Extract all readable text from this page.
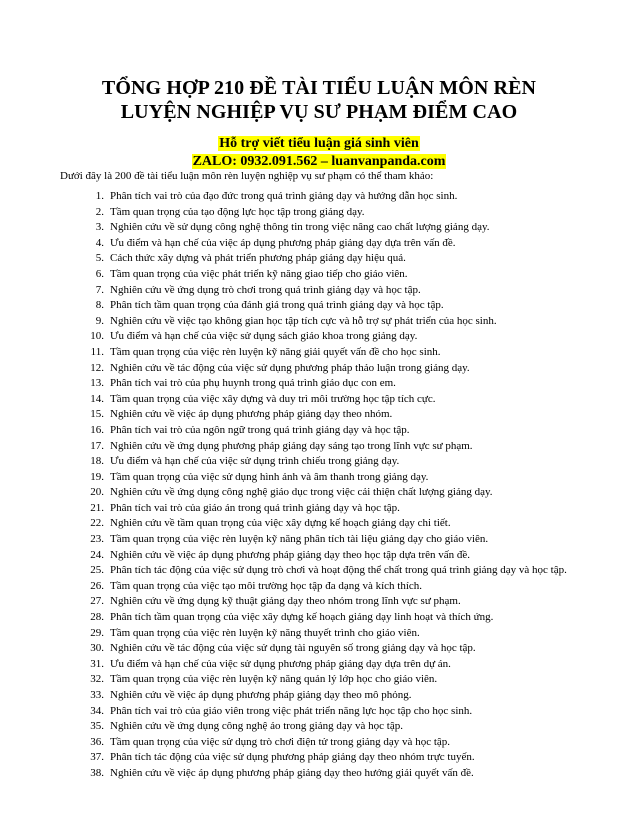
TỔNG HỢP 210 ĐỀ TÀI TIỂU LUẬN MÔN RÈN
LUYỆN NGHIỆP VỤ SƯ PHẠM ĐIỂM CAO
Hỗ trợ viết tiểu luận giá sinh viên
ZALO: 0932.091.562 – luanvanpanda.com
Dưới đây là 200 đề tài tiểu luận môn rèn luyện nghiệp vụ sư phạm có thể tham khảo:
1. Phân tích vai trò của đạo đức trong quá trình giảng dạy và hướng dẫn học sinh.
2. Tầm quan trọng của tạo động lực học tập trong giảng dạy.
3. Nghiên cứu về sử dụng công nghệ thông tin trong việc nâng cao chất lượng giảng dạy.
4. Ưu điểm và hạn chế của việc áp dụng phương pháp giảng dạy dựa trên vấn đề.
5. Cách thức xây dựng và phát triển phương pháp giảng dạy hiệu quả.
6. Tầm quan trọng của việc phát triển kỹ năng giao tiếp cho giáo viên.
7. Nghiên cứu về ứng dụng trò chơi trong quá trình giảng dạy và học tập.
8. Phân tích tầm quan trọng của đánh giá trong quá trình giảng dạy và học tập.
9. Nghiên cứu về việc tạo không gian học tập tích cực và hỗ trợ sự phát triển của học sinh.
10. Ưu điểm và hạn chế của việc sử dụng sách giáo khoa trong giảng dạy.
11. Tầm quan trọng của việc rèn luyện kỹ năng giải quyết vấn đề cho học sinh.
12. Nghiên cứu về tác động của việc sử dụng phương pháp thảo luận trong giảng dạy.
13. Phân tích vai trò của phụ huynh trong quá trình giáo dục con em.
14. Tầm quan trọng của việc xây dựng và duy trì môi trường học tập tích cực.
15. Nghiên cứu về việc áp dụng phương pháp giảng dạy theo nhóm.
16. Phân tích vai trò của ngôn ngữ trong quá trình giảng dạy và học tập.
17. Nghiên cứu về ứng dụng phương pháp giảng dạy sáng tạo trong lĩnh vực sư phạm.
18. Ưu điểm và hạn chế của việc sử dụng trình chiếu trong giảng dạy.
19. Tầm quan trọng của việc sử dụng hình ảnh và âm thanh trong giảng dạy.
20. Nghiên cứu về ứng dụng công nghệ giáo dục trong việc cải thiện chất lượng giảng dạy.
21. Phân tích vai trò của giáo án trong quá trình giảng dạy và học tập.
22. Nghiên cứu về tầm quan trọng của việc xây dựng kế hoạch giảng dạy chi tiết.
23. Tầm quan trọng của việc rèn luyện kỹ năng phân tích tài liệu giảng dạy cho giáo viên.
24. Nghiên cứu về việc áp dụng phương pháp giảng dạy theo học tập dựa trên vấn đề.
25. Phân tích tác động của việc sử dụng trò chơi và hoạt động thể chất trong quá trình giảng dạy và học tập.
26. Tầm quan trọng của việc tạo môi trường học tập đa dạng và kích thích.
27. Nghiên cứu về ứng dụng kỹ thuật giảng dạy theo nhóm trong lĩnh vực sư phạm.
28. Phân tích tầm quan trọng của việc xây dựng kế hoạch giảng dạy linh hoạt và thích ứng.
29. Tầm quan trọng của việc rèn luyện kỹ năng thuyết trình cho giáo viên.
30. Nghiên cứu về tác động của việc sử dụng tài nguyên số trong giảng dạy và học tập.
31. Ưu điểm và hạn chế của việc sử dụng phương pháp giảng dạy dựa trên dự án.
32. Tầm quan trọng của việc rèn luyện kỹ năng quản lý lớp học cho giáo viên.
33. Nghiên cứu về việc áp dụng phương pháp giảng dạy theo mô phỏng.
34. Phân tích vai trò của giáo viên trong việc phát triển năng lực học tập cho học sinh.
35. Nghiên cứu về ứng dụng công nghệ ảo trong giảng dạy và học tập.
36. Tầm quan trọng của việc sử dụng trò chơi điện tử trong giảng dạy và học tập.
37. Phân tích tác động của việc sử dụng phương pháp giảng dạy theo nhóm trực tuyến.
38. Nghiên cứu về việc áp dụng phương pháp giảng dạy theo hướng giải quyết vấn đề.
